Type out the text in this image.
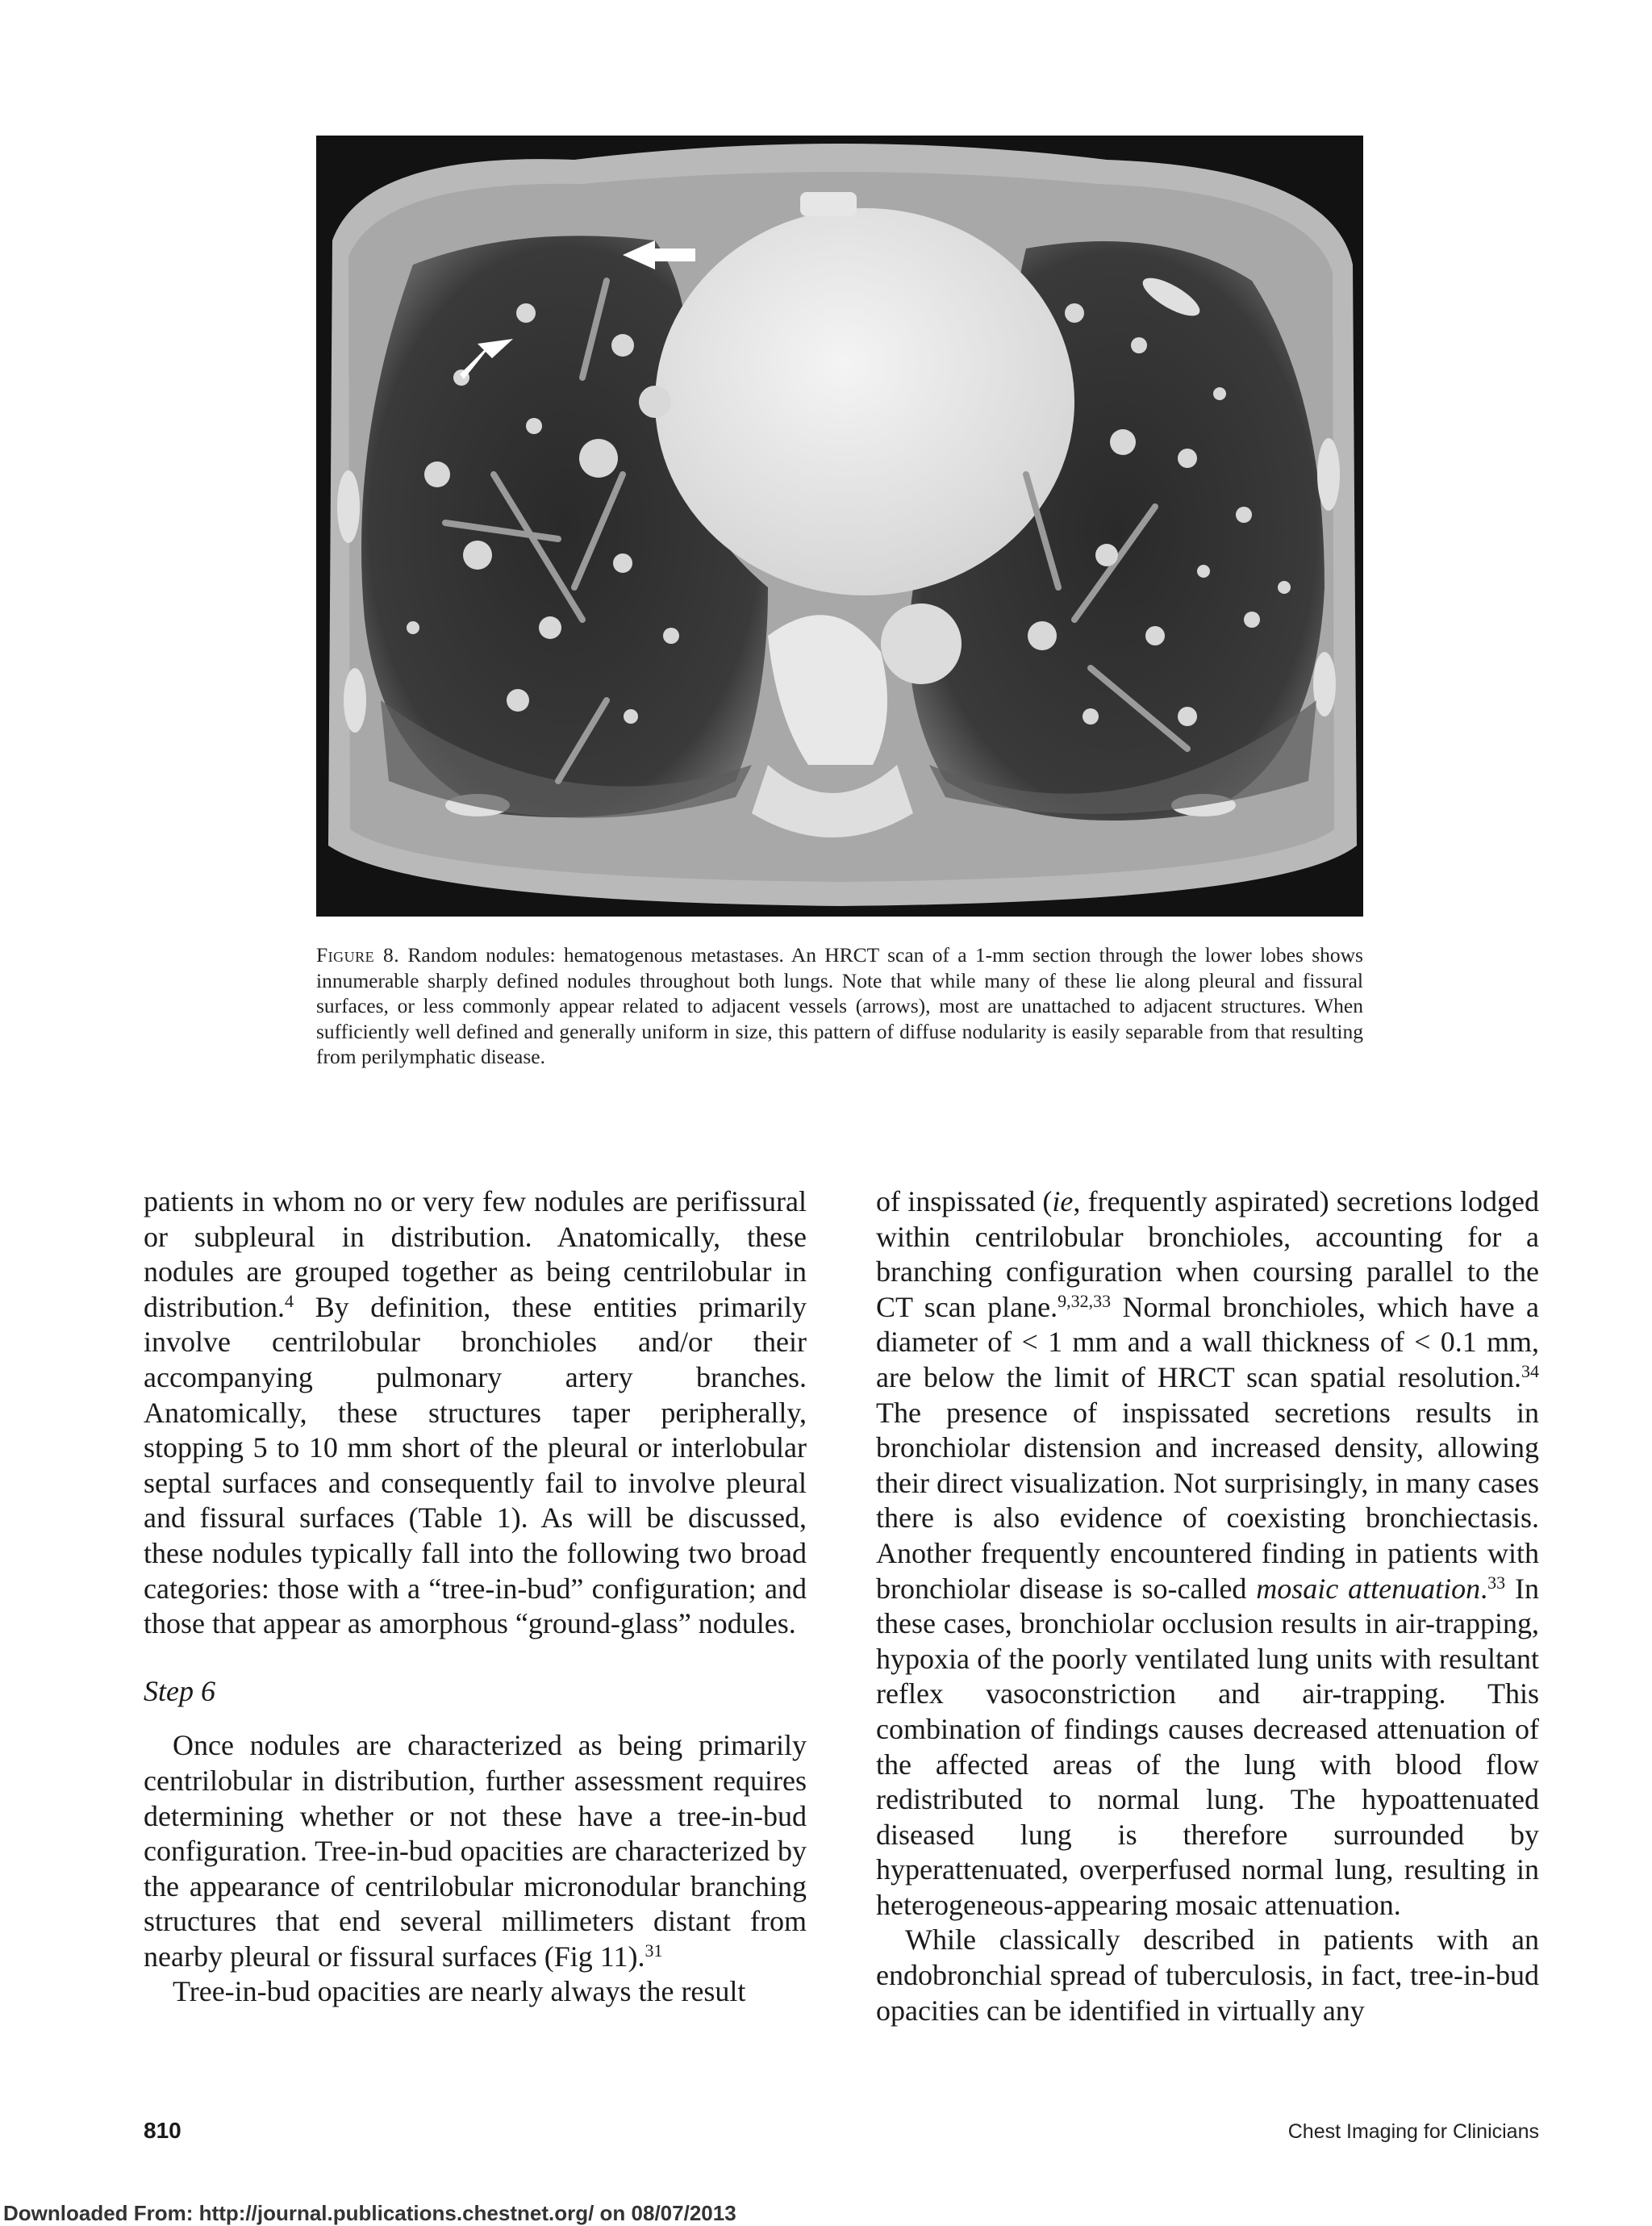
Figure 8. Random nodules: hematogenous metastases. An HRCT scan of a 1-mm section through the lower lobes shows innumerable sharply defined nodules throughout both lungs. Note that while many of these lie along pleural and fissural surfaces, or less commonly appear related to adjacent vessels (arrows), most are unattached to adjacent structures. When sufficiently well defined and generally uniform in size, this pattern of diffuse nodularity is easily separable from that resulting from perilymphatic disease.

patients in whom no or very few nodules are perifissural or subpleural in distribution. Anatomically, these nodules are grouped together as being centrilobular in distribution.$^4$ By definition, these entities primarily involve centrilobular bronchioles and/or their accompanying pulmonary artery branches. Anatomically, these structures taper peripherally, stopping 5 to 10 mm short of the pleural or interlobular septal surfaces and consequently fail to involve pleural and fissural surfaces (Table 1). As will be discussed, these nodules typically fall into the following two broad categories: those with a “tree-in-bud” configuration; and those that appear as amorphous “ground-glass” nodules.

Step 6

Once nodules are characterized as being primarily centrilobular in distribution, further assessment requires determining whether or not these have a tree-in-bud configuration. Tree-in-bud opacities are characterized by the appearance of centrilobular micronodular branching structures that end several millimeters distant from nearby pleural or fissural surfaces (Fig 11).$^{31}$

Tree-in-bud opacities are nearly always the result

of inspissated (ie, frequently aspirated) secretions lodged within centrilobular bronchioles, accounting for a branching configuration when coursing parallel to the CT scan plane.$^{9,32,33}$ Normal bronchioles, which have a diameter of < 1 mm and a wall thickness of < 0.1 mm, are below the limit of HRCT scan spatial resolution.$^{34}$ The presence of inspissated secretions results in bronchiolar distension and increased density, allowing their direct visualization. Not surprisingly, in many cases there is also evidence of coexisting bronchiectasis. Another frequently encountered finding in patients with bronchiolar disease is so-called mosaic attenuation.$^{33}$ In these cases, bronchiolar occlusion results in air-trapping, hypoxia of the poorly ventilated lung units with resultant reflex vasoconstriction and air-trapping. This combination of findings causes decreased attenuation of the affected areas of the lung with blood flow redistributed to normal lung. The hypoattenuated diseased lung is therefore surrounded by hyperattenuated, overperfused normal lung, resulting in heterogeneous-appearing mosaic attenuation.

While classically described in patients with an endobronchial spread of tuberculosis, in fact, tree-in-bud opacities can be identified in virtually any

810	Chest Imaging for Clinicians
Downloaded From: http://journal.publications.chestnet.org/ on 08/07/2013
